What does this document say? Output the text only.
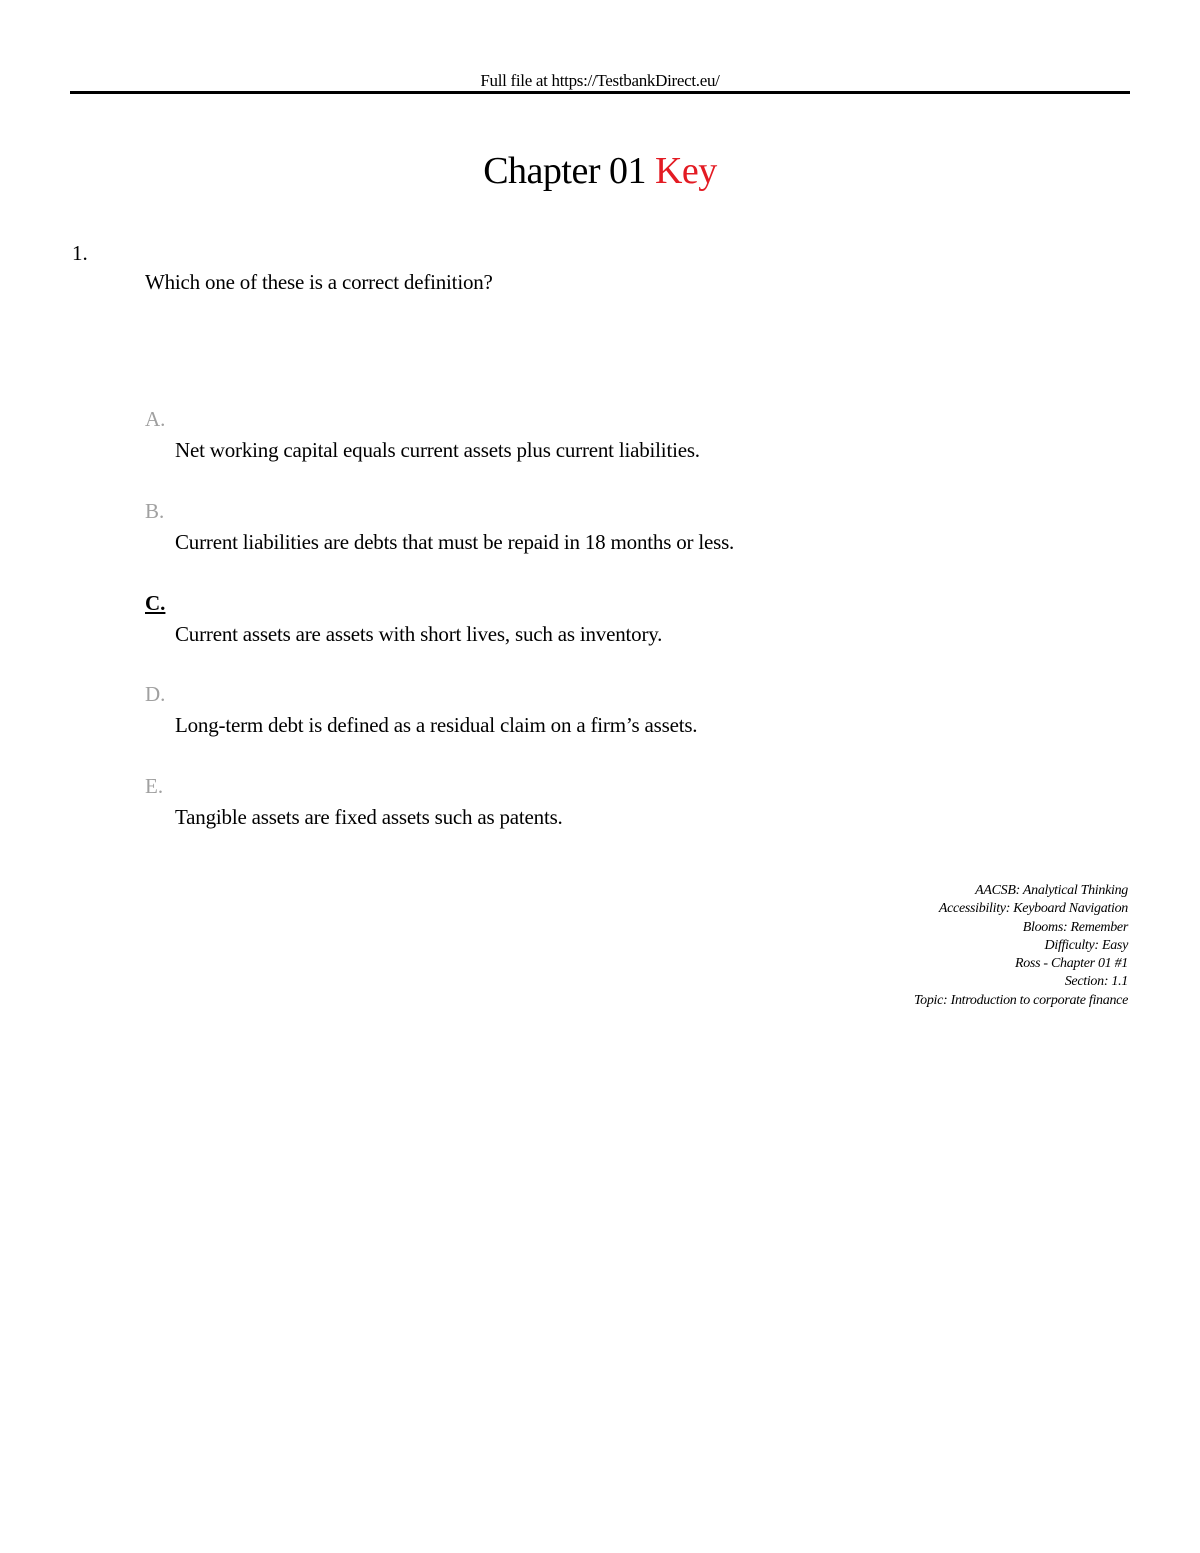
Full file at https://TestbankDirect.eu/
Chapter 01 Key
1.
Which one of these is a correct definition?
A.
Net working capital equals current assets plus current liabilities.
B.
Current liabilities are debts that must be repaid in 18 months or less.
C.
Current assets are assets with short lives, such as inventory.
D.
Long-term debt is defined as a residual claim on a firm’s assets.
E.
Tangible assets are fixed assets such as patents.
AACSB: Analytical Thinking
Accessibility: Keyboard Navigation
Blooms: Remember
Difficulty: Easy
Ross - Chapter 01 #1
Section: 1.1
Topic: Introduction to corporate finance
